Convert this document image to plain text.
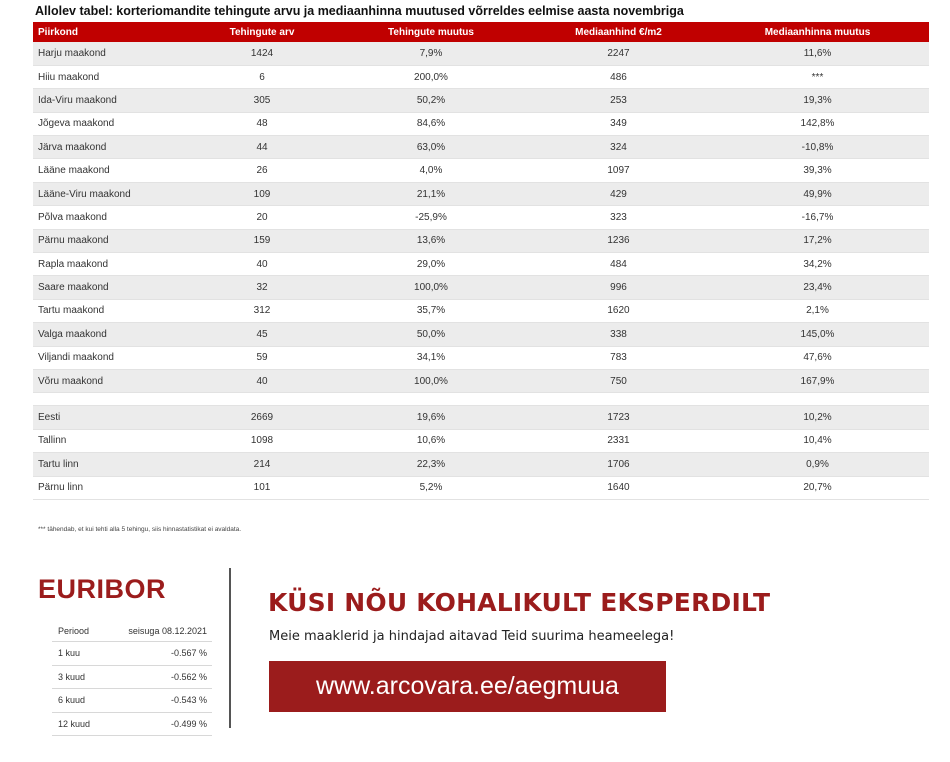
Allolev tabel: korteriomandite tehingute arvu ja mediaanhinna muutused võrreldes eelmise aasta novembriga
Piirkond	Tehingute arv	Tehingute muutus	Mediaanhind €/m2	Mediaanhinna muutus
Harju maakond	1424	7,9%	2247	11,6%
Hiiu maakond	6	200,0%	486	***
Ida-Viru maakond	305	50,2%	253	19,3%
Jõgeva maakond	48	84,6%	349	142,8%
Järva maakond	44	63,0%	324	-10,8%
Lääne maakond	26	4,0%	1097	39,3%
Lääne-Viru maakond	109	21,1%	429	49,9%
Põlva maakond	20	-25,9%	323	-16,7%
Pärnu maakond	159	13,6%	1236	17,2%
Rapla maakond	40	29,0%	484	34,2%
Saare maakond	32	100,0%	996	23,4%
Tartu maakond	312	35,7%	1620	2,1%
Valga maakond	45	50,0%	338	145,0%
Viljandi maakond	59	34,1%	783	47,6%
Võru maakond	40	100,0%	750	167,9%

Eesti	2669	19,6%	1723	10,2%
Tallinn	1098	10,6%	2331	10,4%
Tartu linn	214	22,3%	1706	0,9%
Pärnu linn	101	5,2%	1640	20,7%
*** tähendab, et kui tehti alla 5 tehingu, siis hinnastatistikat ei avaldata.
EURIBOR
Periood	seisuga 08.12.2021
1 kuu	-0.567 %
3 kuud	-0.562 %
6 kuud	-0.543 %
12 kuud	-0.499 %
KÜSI NÕU KOHALIKULT EKSPERDILT
Meie maaklerid ja hindajad aitavad Teid suurima heameelega!
www.arcovara.ee/aegmuua
